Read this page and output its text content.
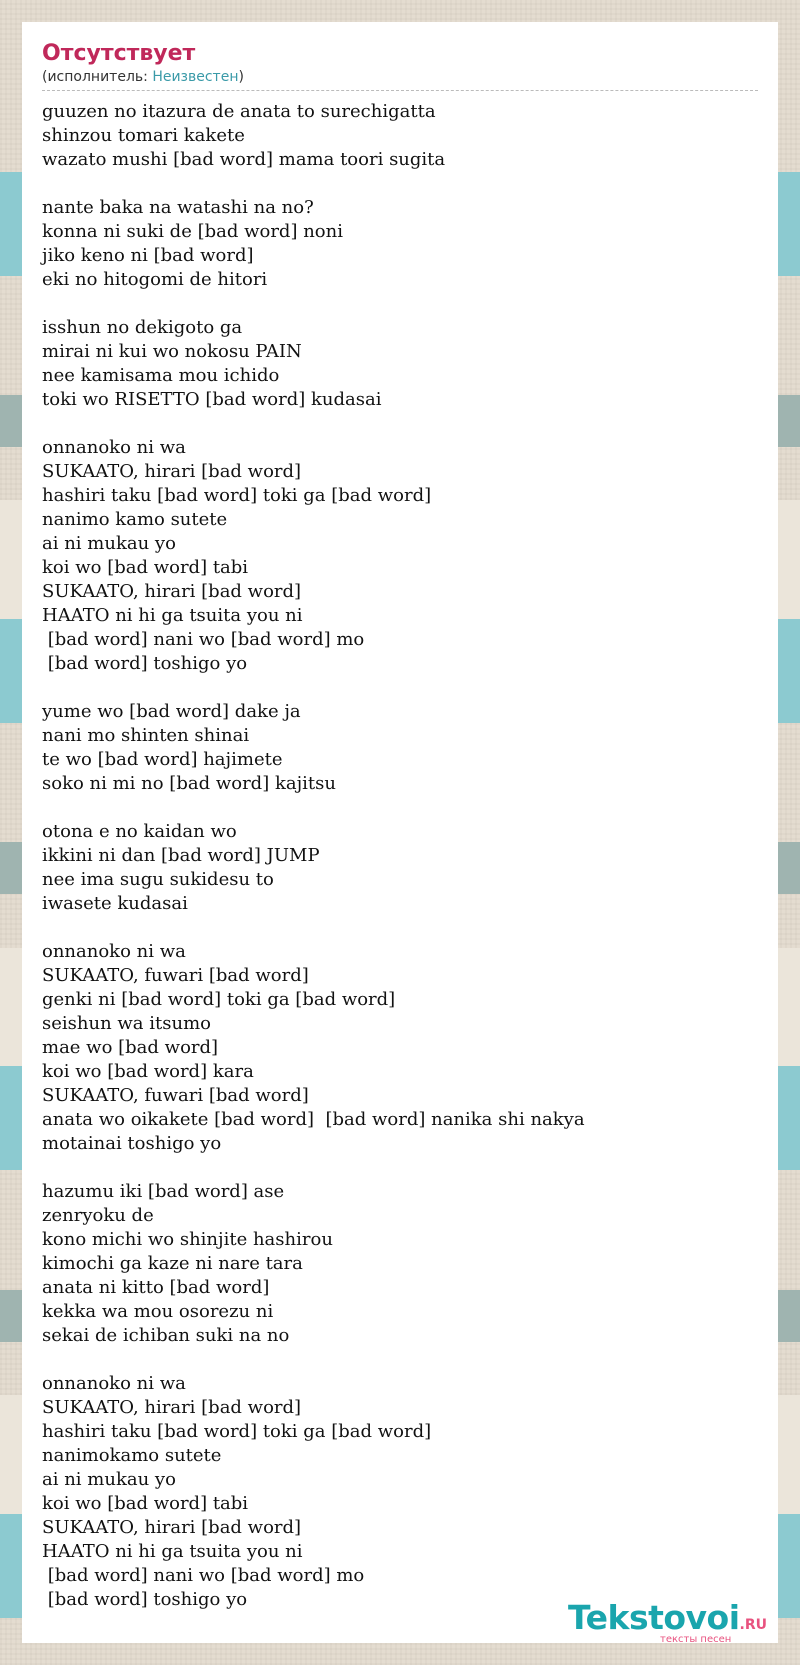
Отсутствует
(исполнитель: Неизвестен)
guuzen no itazura de anata to surechigatta
shinzou tomari kakete
wazato mushi [bad word] mama toori sugita
nante baka na watashi na no?
konna ni suki de [bad word] noni
jiko keno ni [bad word]
eki no hitogomi de hitori
isshun no dekigoto ga
mirai ni kui wo nokosu PAIN
nee kamisama mou ichido
toki wo RISETTO [bad word] kudasai
onnanoko ni wa
SUKAATO, hirari [bad word]
hashiri taku [bad word] toki ga [bad word]
nanimo kamo sutete
ai ni mukau yo
koi wo [bad word] tabi
SUKAATO, hirari [bad word]
HAATO ni hi ga tsuita you ni
[bad word] nani wo [bad word] mo
[bad word] toshigo yo
yume wo [bad word] dake ja
nani mo shinten shinai
te wo [bad word] hajimete
soko ni mi no [bad word] kajitsu
otona e no kaidan wo
ikkini ni dan [bad word] JUMP
nee ima sugu sukidesu to
iwasete kudasai
onnanoko ni wa
SUKAATO, fuwari [bad word]
genki ni [bad word] toki ga [bad word]
seishun wa itsumo
mae wo [bad word]
koi wo [bad word] kara
SUKAATO, fuwari [bad word]
anata wo oikakete [bad word]  [bad word] nanika shi nakya
motainai toshigo yo
hazumu iki [bad word] ase
zenryoku de
kono michi wo shinjite hashirou
kimochi ga kaze ni nare tara
anata ni kitto [bad word]
kekka wa mou osorezu ni
sekai de ichiban suki na no
onnanoko ni wa
SUKAATO, hirari [bad word]
hashiri taku [bad word] toki ga [bad word]
nanimokamo sutete
ai ni mukau yo
koi wo [bad word] tabi
SUKAATO, hirari [bad word]
HAATO ni hi ga tsuita you ni
[bad word] nani wo [bad word] mo
[bad word] toshigo yo	Tekstovoi.RU
тексты песен
